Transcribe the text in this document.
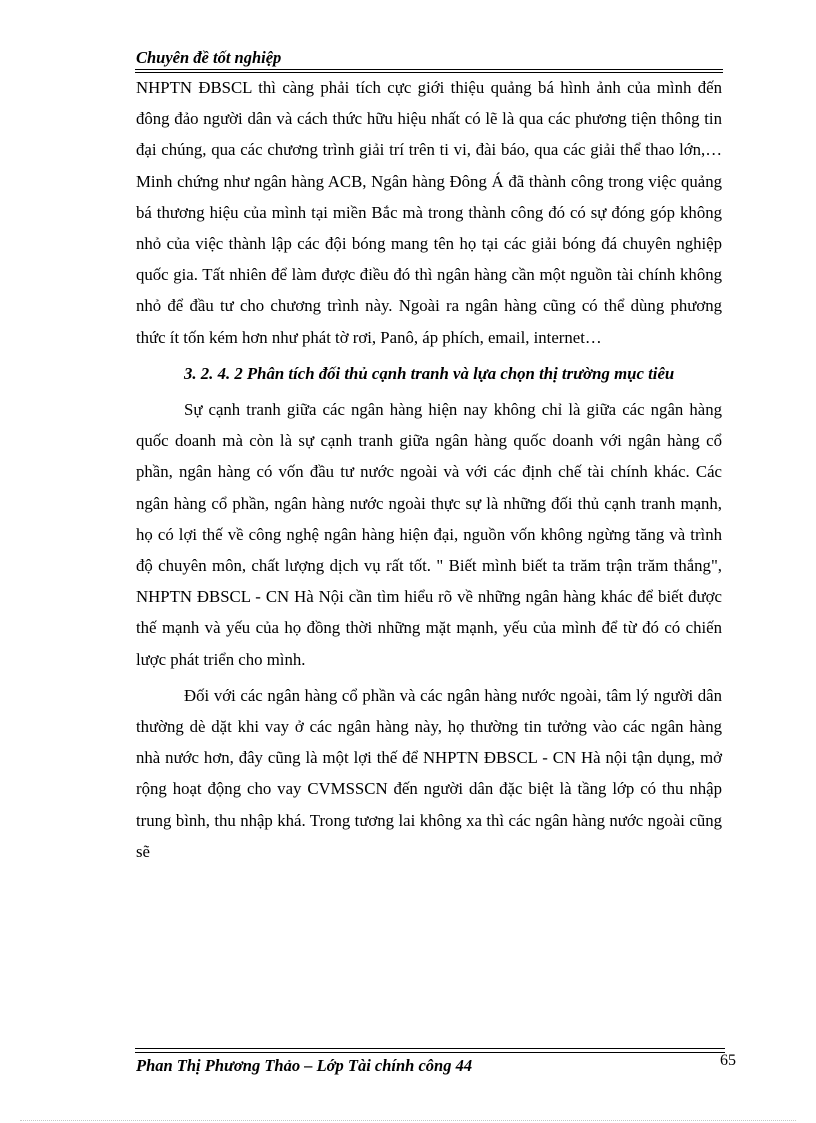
Chuyên đề tốt nghiệp

NHPTN ĐBSCL thì càng phải tích cực giới thiệu quảng bá hình ảnh của mình đến đông đảo người dân và cách thức hữu hiệu nhất có lẽ là qua các phương tiện thông tin đại chúng, qua các chương trình giải trí trên ti vi, đài báo, qua các giải thể thao lớn,… Minh chứng như ngân hàng ACB, Ngân hàng Đông Á đã thành công trong việc quảng bá thương hiệu của mình tại miền Bắc mà trong thành công đó có sự đóng góp không nhỏ của việc thành lập các đội bóng mang tên họ tại các giải bóng đá chuyên nghiệp quốc gia. Tất nhiên để làm được điều đó thì ngân hàng cần một nguồn tài chính không nhỏ để đầu tư cho chương trình này. Ngoài ra ngân hàng cũng có thể dùng phương thức ít tốn kém hơn như phát tờ rơi, Panô, áp phích, email, internet…

3. 2. 4. 2 Phân tích đối thủ cạnh tranh và lựa chọn thị trường mục tiêu

Sự cạnh tranh giữa các ngân hàng hiện nay không chỉ là giữa các ngân hàng quốc doanh mà còn là sự cạnh tranh giữa ngân hàng quốc doanh với ngân hàng cổ phần, ngân hàng có vốn đầu tư nước ngoài và với các định chế tài chính khác. Các ngân hàng cổ phần, ngân hàng nước ngoài thực sự là những đối thủ cạnh tranh mạnh, họ có lợi thế về công nghệ ngân hàng hiện đại, nguồn vốn không ngừng tăng và trình độ chuyên môn, chất lượng dịch vụ rất tốt. " Biết mình biết ta trăm trận trăm thắng", NHPTN ĐBSCL - CN Hà Nội cần tìm hiểu rõ về những ngân hàng khác để biết được thế mạnh và yếu của họ đồng thời những mặt mạnh, yếu của mình để từ đó có chiến lược phát triển cho mình.

Đối với các ngân hàng cổ phần và các ngân hàng nước ngoài, tâm lý người dân thường dè dặt khi vay ở các ngân hàng này, họ thường tin tưởng vào các ngân hàng nhà nước hơn, đây cũng là một lợi thế để NHPTN ĐBSCL - CN Hà nội tận dụng, mở rộng hoạt động cho vay CVMSSCN đến người dân đặc biệt là tầng lớp có thu nhập trung bình, thu nhập khá. Trong tương lai không xa thì các ngân hàng nước ngoài cũng sẽ

Phan Thị Phương Thảo – Lớp Tài chính công 44	65
